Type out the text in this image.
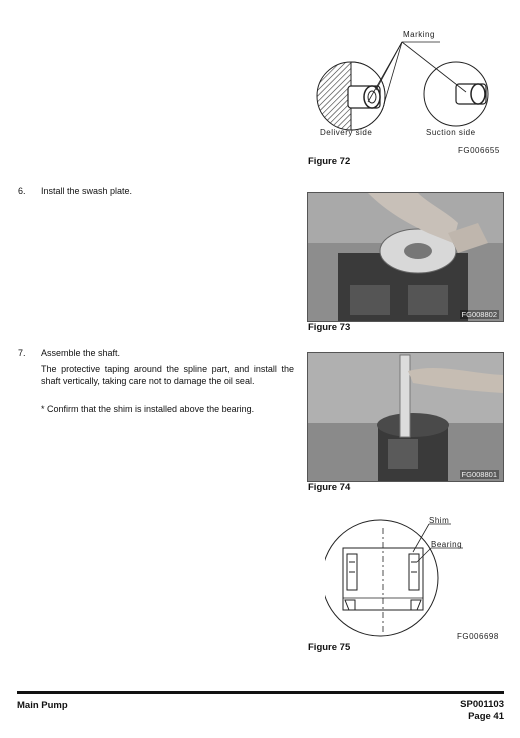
Marking
Delivery side	Suction side
FG006655
Figure 72
6. Install the swash plate.
FG008802
Figure 73
7. Assemble the shaft.
The protective taping around the spline part, and install the shaft vertically, taking care not to damage the oil seal.
* Confirm that the shim is installed above the bearing.
FG008801
Figure 74
Shim
Bearing
FG006698
Figure 75
Main Pump	SP001103
Page 41
